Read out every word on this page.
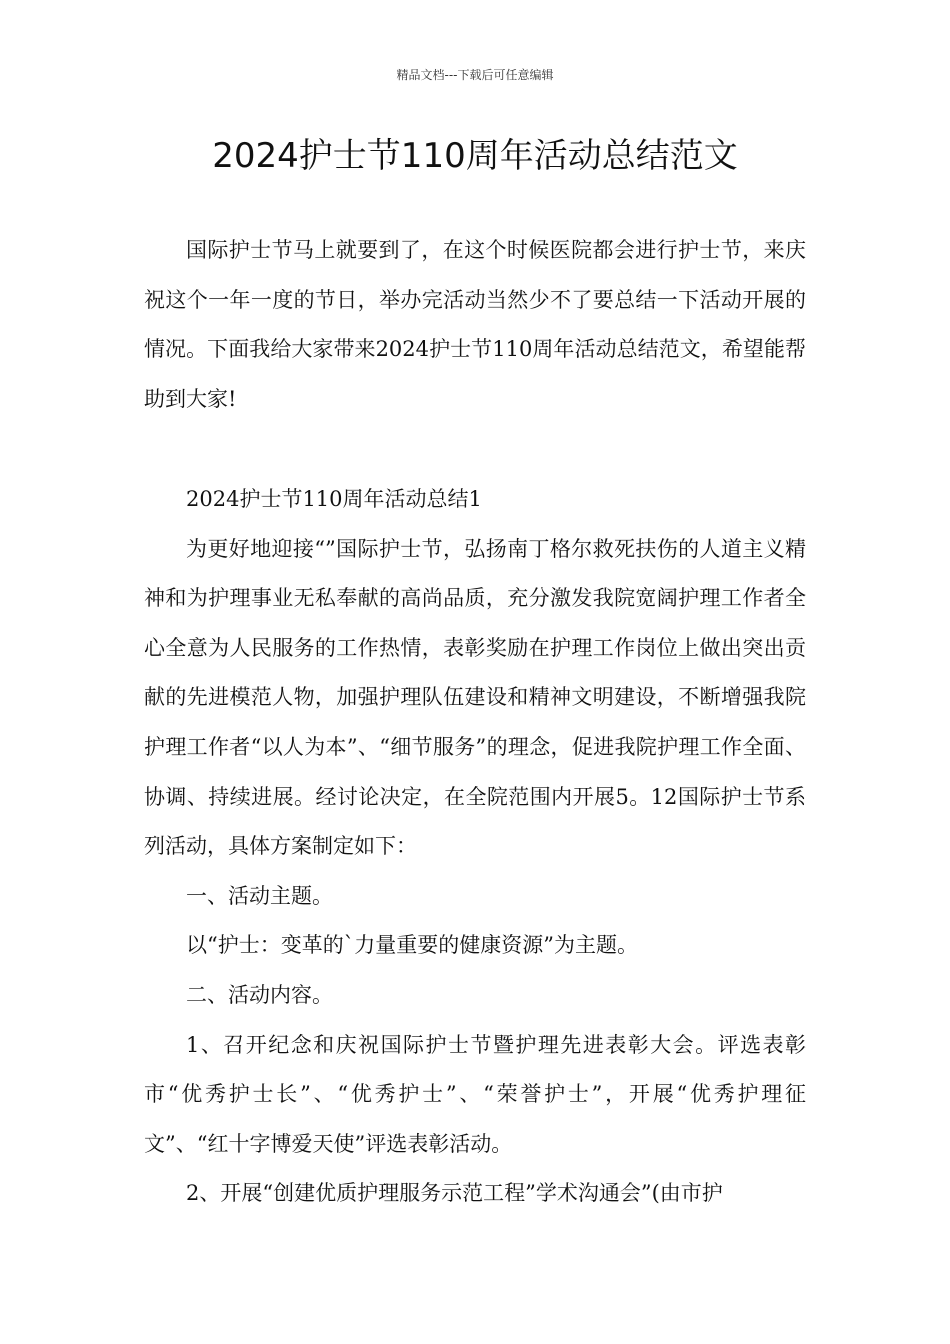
精品文档---下载后可任意编辑
2024护士节110周年活动总结范文

国际护士节马上就要到了，在这个时候医院都会进行护士节，来庆祝这个一年一度的节日，举办完活动当然少不了要总结一下活动开展的情况。下面我给大家带来2024护士节110周年活动总结范文，希望能帮助到大家!

2024护士节110周年活动总结1

为更好地迎接“”国际护士节，弘扬南丁格尔救死扶伤的人道主义精神和为护理事业无私奉献的高尚品质，充分激发我院宽阔护理工作者全心全意为人民服务的工作热情，表彰奖励在护理工作岗位上做出突出贡献的先进模范人物，加强护理队伍建设和精神文明建设，不断增强我院护理工作者“以人为本”、“细节服务”的理念，促进我院护理工作全面、协调、持续进展。经讨论决定，在全院范围内开展5。12国际护士节系列活动，具体方案制定如下：

一、活动主题。

以“护士：变革的`力量重要的健康资源”为主题。

二、活动内容。

1、召开纪念和庆祝国际护士节暨护理先进表彰大会。评选表彰市“优秀护士长”、“优秀护士”、“荣誉护士”，开展“优秀护理征文”、“红十字博爱天使”评选表彰活动。

2、开展“创建优质护理服务示范工程”学术沟通会”(由市护
